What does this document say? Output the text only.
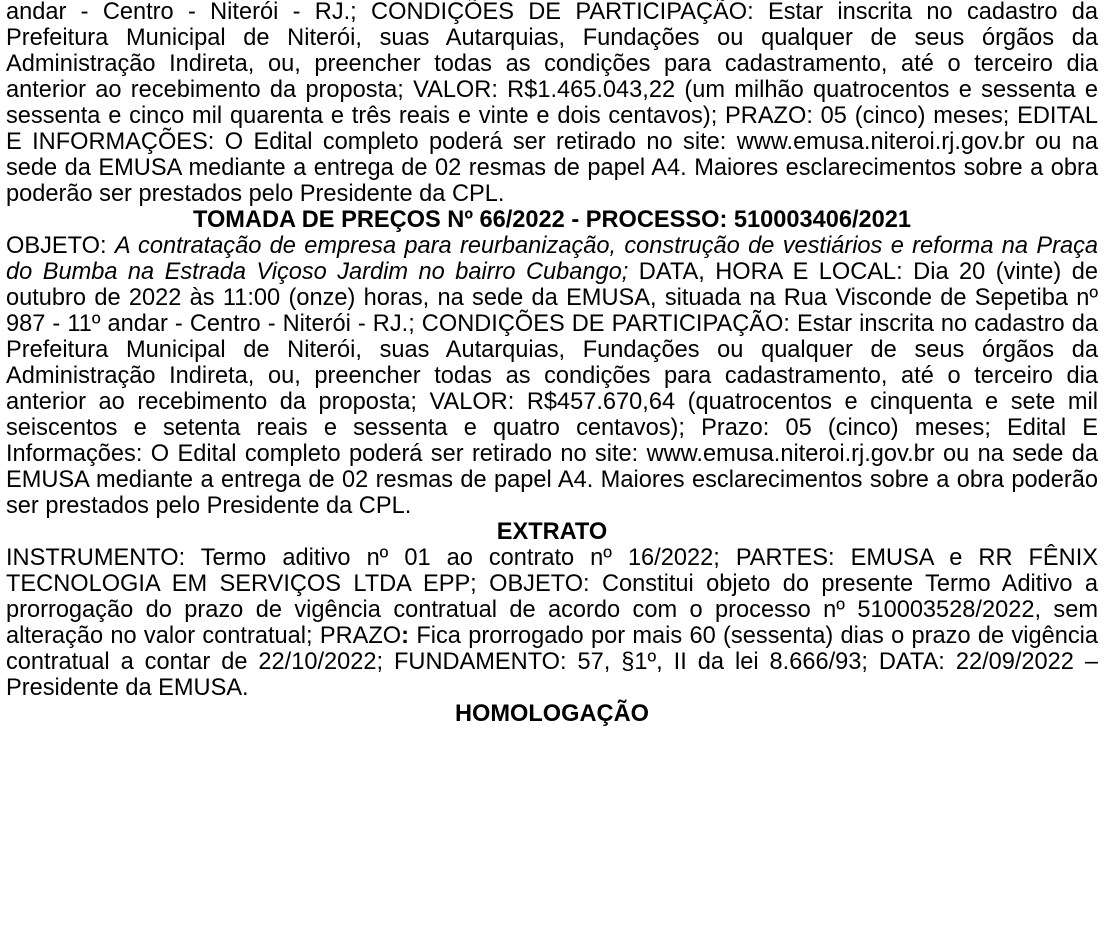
andar - Centro - Niterói - RJ.; CONDIÇÕES DE PARTICIPAÇÃO: Estar inscrita no cadastro da Prefeitura Municipal de Niterói, suas Autarquias, Fundações ou qualquer de seus órgãos da Administração Indireta, ou, preencher todas as condições para cadastramento, até o terceiro dia anterior ao recebimento da proposta; VALOR: R$1.465.043,22 (um milhão quatrocentos e sessenta e sessenta e cinco mil quarenta e três reais e vinte e dois centavos); PRAZO: 05 (cinco) meses; EDITAL E INFORMAÇÕES: O Edital completo poderá ser retirado no site: www.emusa.niteroi.rj.gov.br ou na sede da EMUSA mediante a entrega de 02 resmas de papel A4. Maiores esclarecimentos sobre a obra poderão ser prestados pelo Presidente da CPL.

TOMADA DE PREÇOS Nº 66/2022 - PROCESSO: 510003406/2021

OBJETO: A contratação de empresa para reurbanização, construção de vestiários e reforma na Praça do Bumba na Estrada Viçoso Jardim no bairro Cubango; DATA, HORA E LOCAL: Dia 20 (vinte) de outubro de 2022 às 11:00 (onze) horas, na sede da EMUSA, situada na Rua Visconde de Sepetiba nº 987 - 11º andar - Centro - Niterói - RJ.; CONDIÇÕES DE PARTICIPAÇÃO: Estar inscrita no cadastro da Prefeitura Municipal de Niterói, suas Autarquias, Fundações ou qualquer de seus órgãos da Administração Indireta, ou, preencher todas as condições para cadastramento, até o terceiro dia anterior ao recebimento da proposta; VALOR: R$457.670,64 (quatrocentos e cinquenta e sete mil seiscentos e setenta reais e sessenta e quatro centavos); Prazo: 05 (cinco) meses; Edital E Informações: O Edital completo poderá ser retirado no site: www.emusa.niteroi.rj.gov.br ou na sede da EMUSA mediante a entrega de 02 resmas de papel A4. Maiores esclarecimentos sobre a obra poderão ser prestados pelo Presidente da CPL.

EXTRATO

INSTRUMENTO: Termo aditivo nº 01 ao contrato nº 16/2022; PARTES: EMUSA e RR FÊNIX TECNOLOGIA EM SERVIÇOS LTDA EPP; OBJETO: Constitui objeto do presente Termo Aditivo a prorrogação do prazo de vigência contratual de acordo com o processo nº 510003528/2022, sem alteração no valor contratual; PRAZO: Fica prorrogado por mais 60 (sessenta) dias o prazo de vigência contratual a contar de 22/10/2022; FUNDAMENTO: 57, §1º, II da lei 8.666/93; DATA: 22/09/2022 – Presidente da EMUSA.

HOMOLOGAÇÃO
